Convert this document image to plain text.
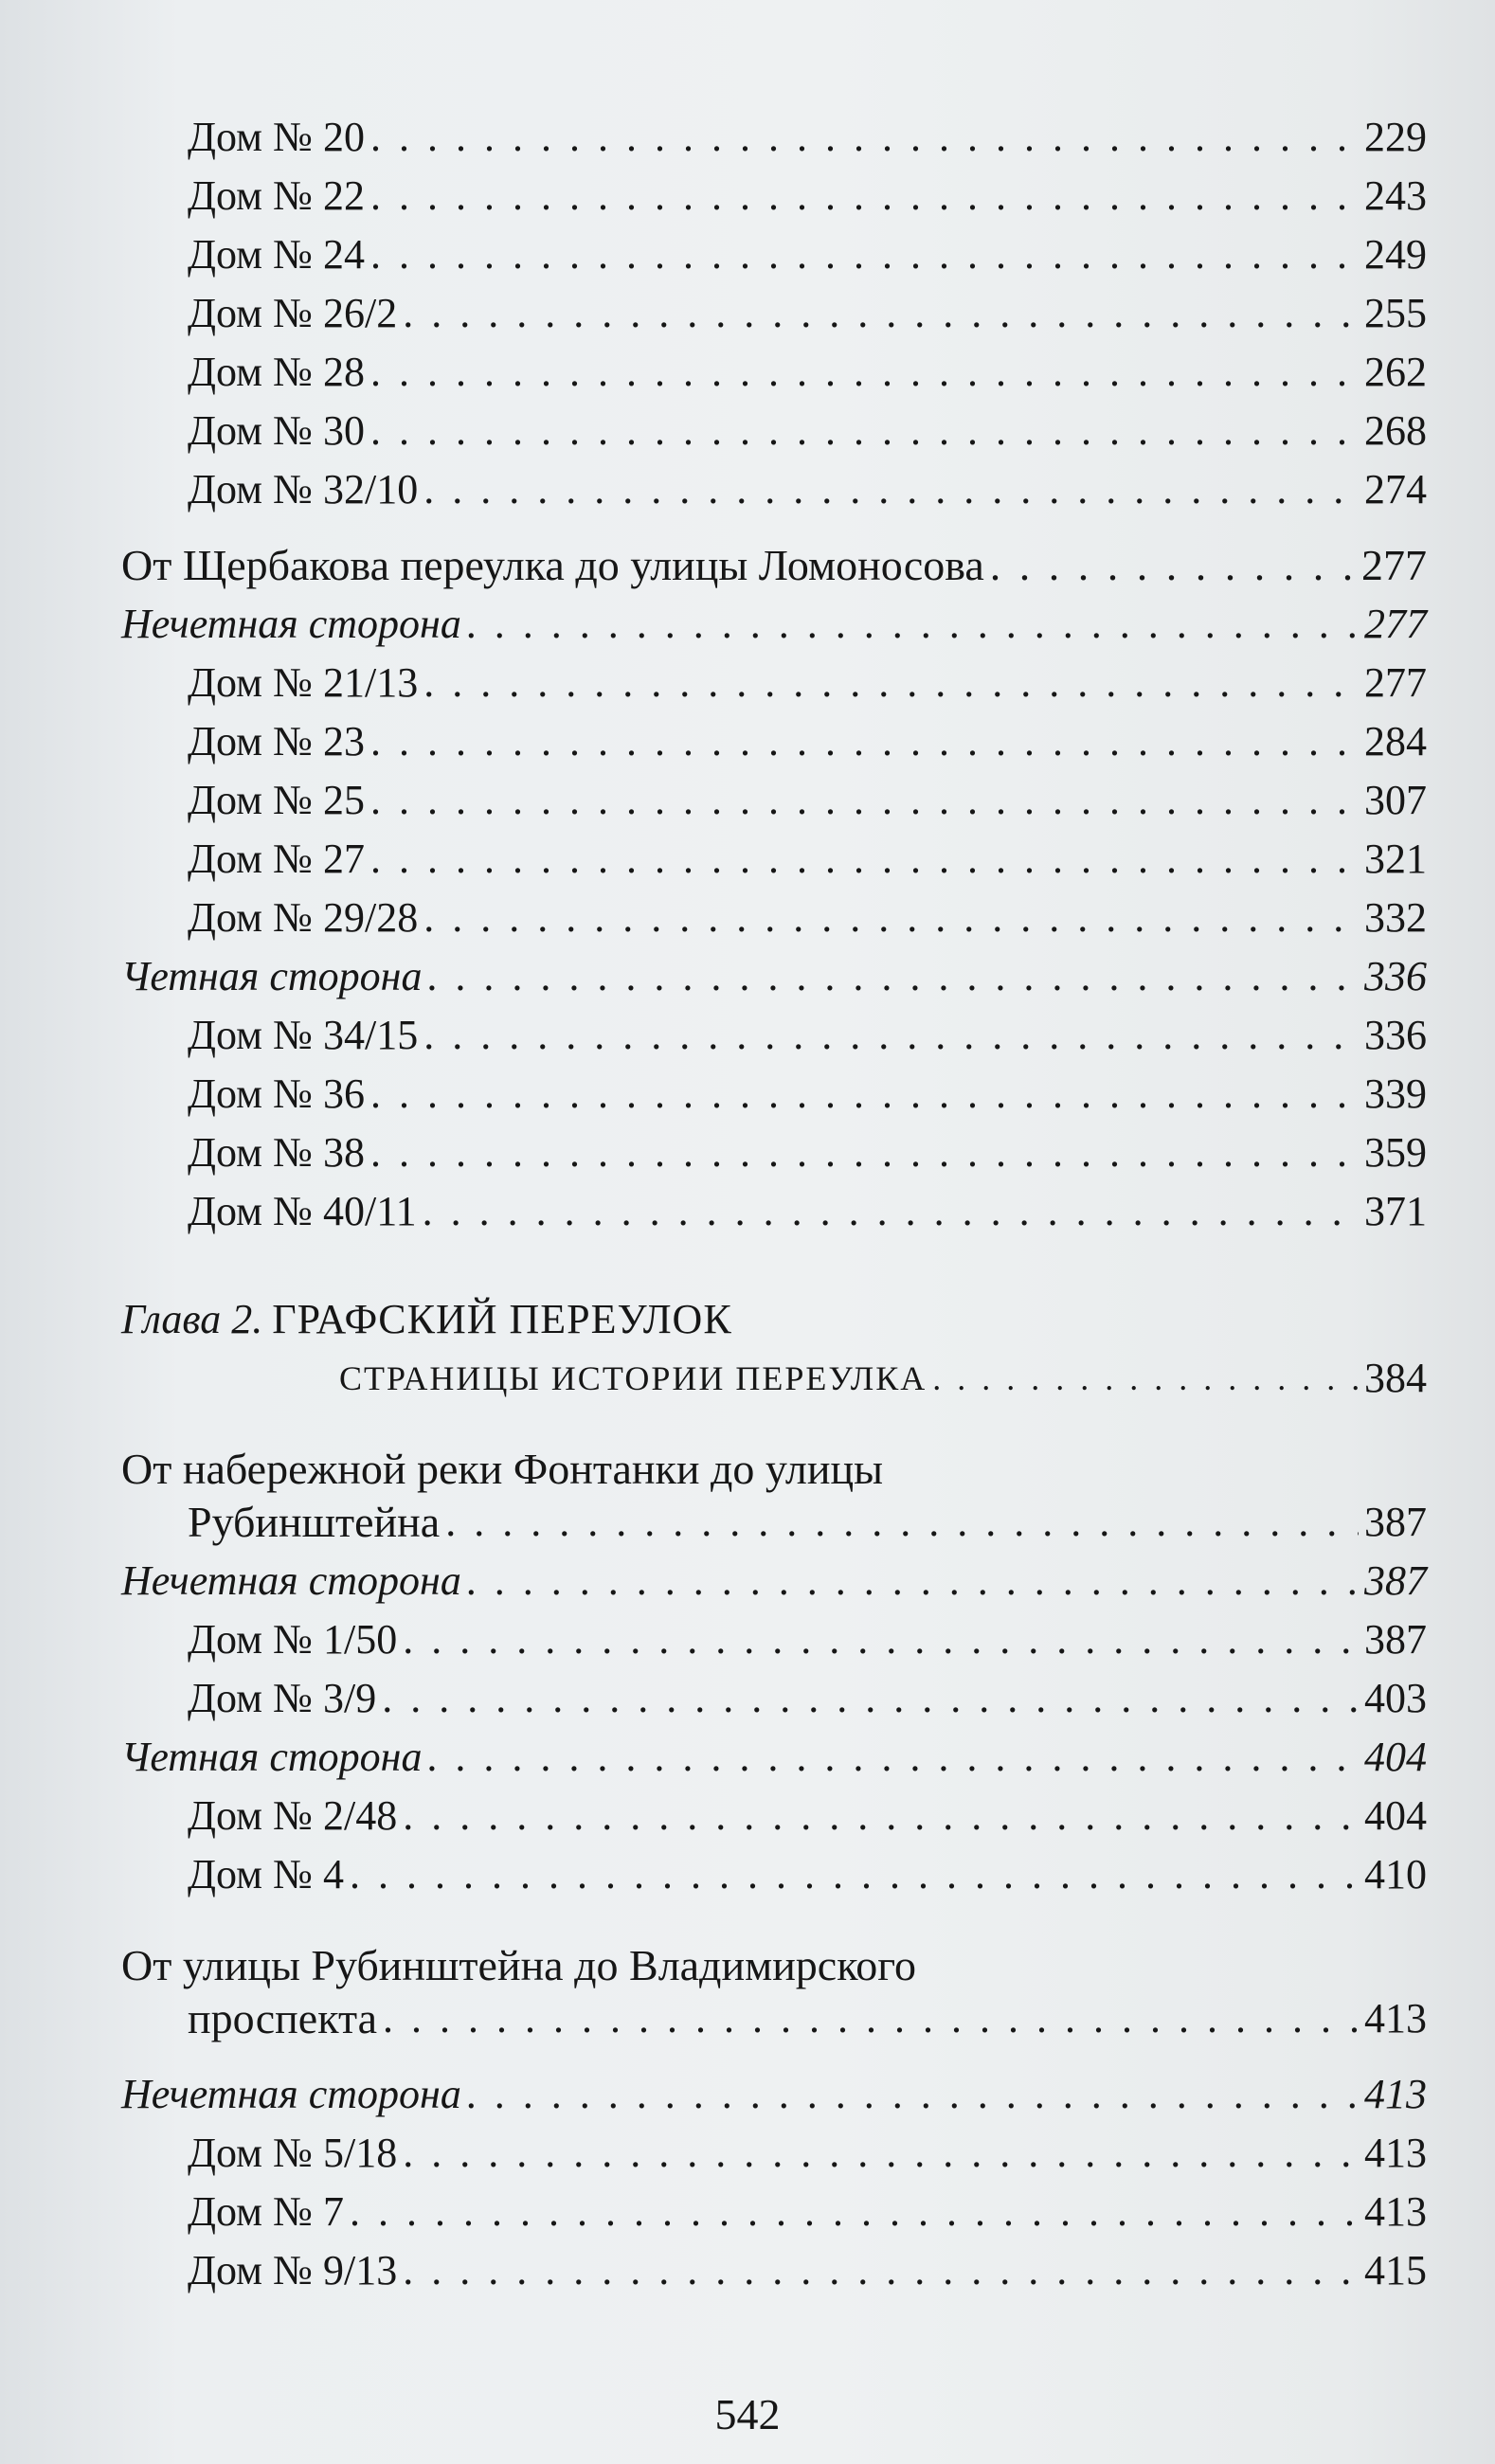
Дом № 20 . . .	229
Дом № 22 . . .	243
Дом № 24 . . .	249
Дом № 26/2 . . .	255
Дом № 28 . . .	262
Дом № 30 . . .	268
Дом № 32/10 . . .	274
От Щербакова переулка до улицы Ломоносова . . .	277
Нечетная сторона . . .	277
Дом № 21/13 . . .	277
Дом № 23 . . .	284
Дом № 25 . . .	307
Дом № 27 . . .	321
Дом № 29/28 . . .	332
Четная сторона . . .	336
Дом № 34/15 . . .	336
Дом № 36 . . .	339
Дом № 38 . . .	359
Дом № 40/11 . . .	371
Глава 2. ГРАФСКИЙ ПЕРЕУЛОК
СТРАНИЦЫ ИСТОРИИ ПЕРЕУЛКА . . .	384
От набережной реки Фонтанки до улицы
Рубинштейна . . .	387
Нечетная сторона . . .	387
Дом № 1/50 . . .	387
Дом № 3/9 . . .	403
Четная сторона . . .	404
Дом № 2/48 . . .	404
Дом № 4 . . .	410
От улицы Рубинштейна до Владимирского
проспекта . . .	413
Нечетная сторона . . .	413
Дом № 5/18 . . .	413
Дом № 7 . . .	413
Дом № 9/13 . . .	415
542
